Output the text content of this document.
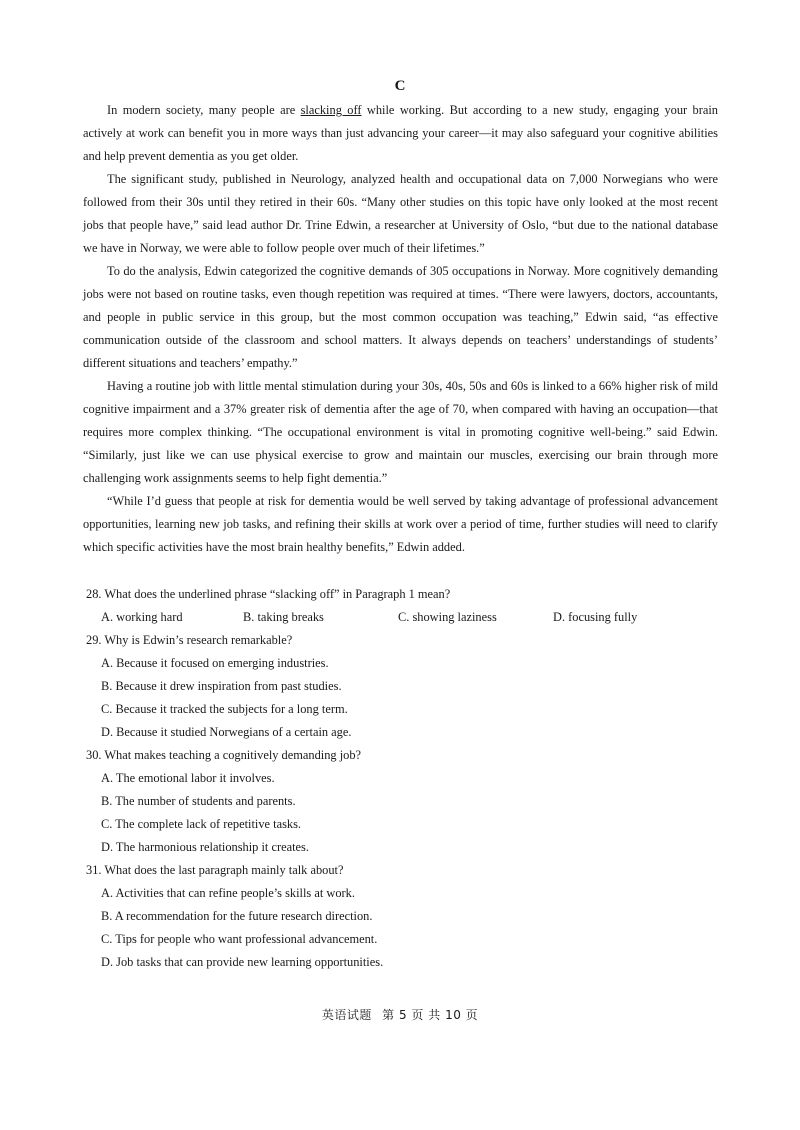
C

In modern society, many people are slacking off while working. But according to a new study, engaging your brain actively at work can benefit you in more ways than just advancing your career—it may also safeguard your cognitive abilities and help prevent dementia as you get older.

The significant study, published in Neurology, analyzed health and occupational data on 7,000 Norwegians who were followed from their 30s until they retired in their 60s. “Many other studies on this topic have only looked at the most recent jobs that people have,” said lead author Dr. Trine Edwin, a researcher at University of Oslo, “but due to the national database we have in Norway, we were able to follow people over much of their lifetimes.”

To do the analysis, Edwin categorized the cognitive demands of 305 occupations in Norway. More cognitively demanding jobs were not based on routine tasks, even though repetition was required at times. “There were lawyers, doctors, accountants, and people in public service in this group, but the most common occupation was teaching,” Edwin said, “as effective communication outside of the classroom and school matters. It always depends on teachers’ understandings of students’ different situations and teachers’ empathy.”

Having a routine job with little mental stimulation during your 30s, 40s, 50s and 60s is linked to a 66% higher risk of mild cognitive impairment and a 37% greater risk of dementia after the age of 70, when compared with having an occupation—that requires more complex thinking. “The occupational environment is vital in promoting cognitive well-being.” said Edwin. “Similarly, just like we can use physical exercise to grow and maintain our muscles, exercising our brain through more challenging work assignments seems to help fight dementia.”

“While I’d guess that people at risk for dementia would be well served by taking advantage of professional advancement opportunities, learning new job tasks, and refining their skills at work over a period of time, further studies will need to clarify which specific activities have the most brain healthy benefits,” Edwin added.

28. What does the underlined phrase “slacking off” in Paragraph 1 mean?

A. working hard	B. taking breaks	C. showing laziness	D. focusing fully

29. Why is Edwin’s research remarkable?

A. Because it focused on emerging industries.

B. Because it drew inspiration from past studies.

C. Because it tracked the subjects for a long term.

D. Because it studied Norwegians of a certain age.

30. What makes teaching a cognitively demanding job?

A. The emotional labor it involves.

B. The number of students and parents.

C. The complete lack of repetitive tasks.

D. The harmonious relationship it creates.

31. What does the last paragraph mainly talk about?

A. Activities that can refine people’s skills at work.

B. A recommendation for the future research direction.

C. Tips for people who want professional advancement.

D. Job tasks that can provide new learning opportunities.

英语试题 第 5 页 共 10 页
